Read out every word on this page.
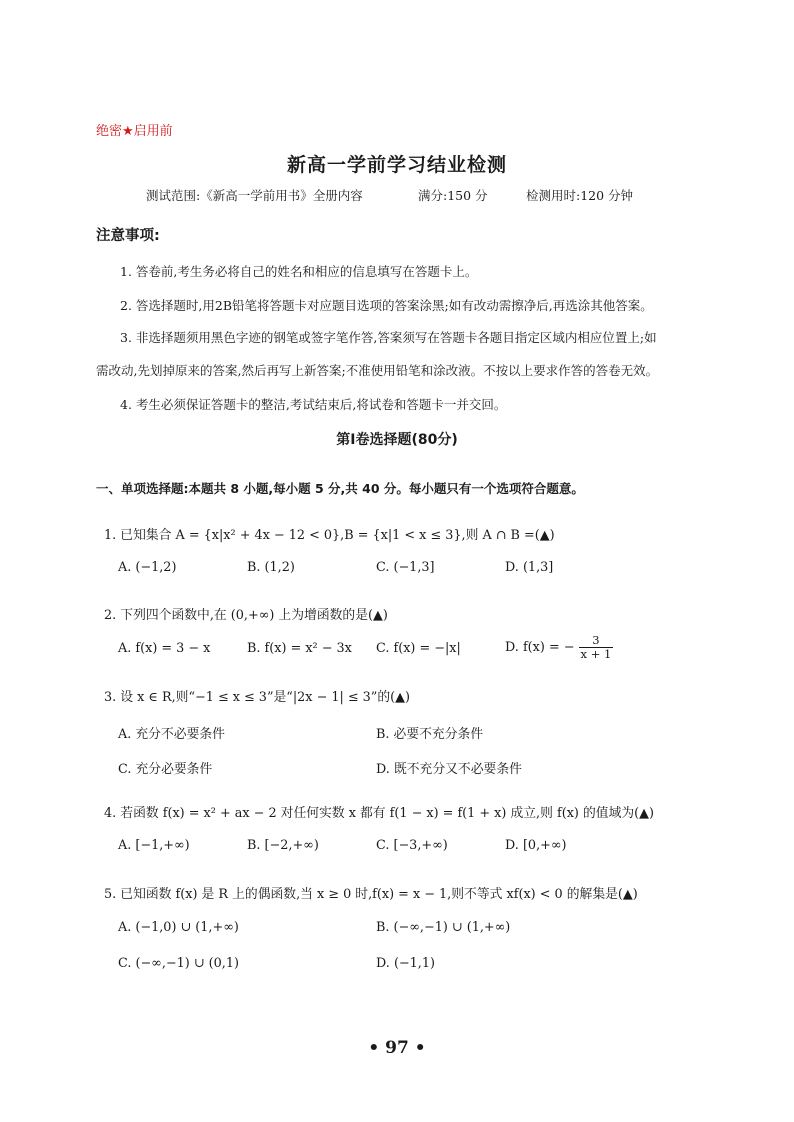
绝密★启用前
新高一学前学习结业检测
测试范围:《新高一学前用书》全册内容	满分:150 分	检测用时:120 分钟
注意事项:
1. 答卷前,考生务必将自己的姓名和相应的信息填写在答题卡上。
2. 答选择题时,用2B铅笔将答题卡对应题目选项的答案涂黑;如有改动需擦净后,再选涂其他答案。
3. 非选择题须用黑色字迹的钢笔或签字笔作答,答案须写在答题卡各题目指定区域内相应位置上;如
需改动,先划掉原来的答案,然后再写上新答案;不准使用铅笔和涂改液。不按以上要求作答的答卷无效。
4. 考生必须保证答题卡的整洁,考试结束后,将试卷和答题卡一并交回。
第Ⅰ卷选择题(80分)
一、单项选择题:本题共 8 小题,每小题 5 分,共 40 分。每小题只有一个选项符合题意。
1. 已知集合 A = {x|x² + 4x − 12 < 0},B = {x|1 < x ≤ 3},则 A ∩ B =(▲)
A. (−1,2)	B. (1,2)	C. (−1,3]	D. (1,3]
2. 下列四个函数中,在 (0,+∞) 上为增函数的是(▲)
A. f(x) = 3 − x	B. f(x) = x² − 3x C. f(x) = −|x|	D. f(x) = − $\frac{3}{x + 1}$
3. 设 x ∈ R,则“−1 ≤ x ≤ 3”是“|2x − 1| ≤ 3”的(▲)
A. 充分不必要条件	B. 必要不充分条件
C. 充分必要条件	D. 既不充分又不必要条件
4. 若函数 f(x) = x² + ax − 2 对任何实数 x 都有 f(1 − x) = f(1 + x) 成立,则 f(x) 的值域为(▲)
A. [−1,+∞)	B. [−2,+∞)	C. [−3,+∞)	D. [0,+∞)
5. 已知函数 f(x) 是 R 上的偶函数,当 x ≥ 0 时,f(x) = x − 1,则不等式 xf(x) < 0 的解集是(▲)
A. (−1,0) ∪ (1,+∞)	B. (−∞,−1) ∪ (1,+∞)
C. (−∞,−1) ∪ (0,1)	D. (−1,1)
• 97 •
